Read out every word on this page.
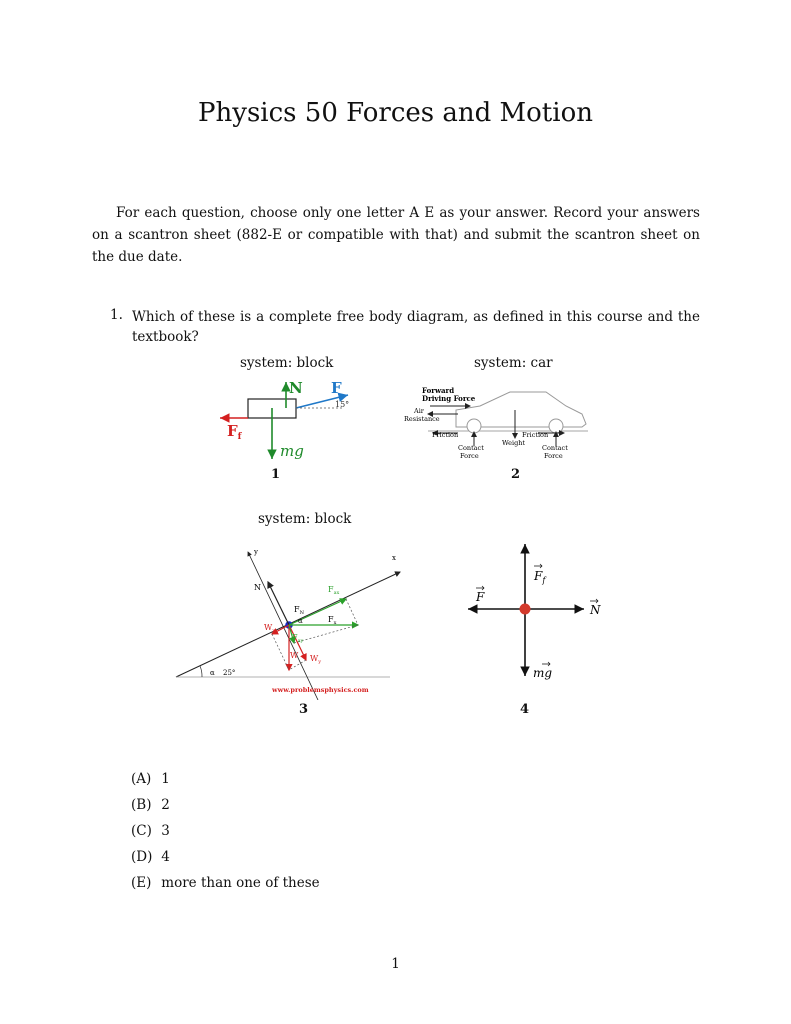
Physics 50 Forces and Motion
For each question, choose only one letter A E as your answer. Record your answers on a scantron sheet (882-E or compatible with that) and submit the scantron sheet on the due date.
1. Which of these is a complete free body diagram, as defined in this course and the textbook?
system: block
N F
15°
$F_f$
mg
1
system: car
Forward
Driving Force
Air
Resistance
Friction	Friction
Weight
Contact
Force
Contact
Force
2
system: block
y
x
N	$F_{ax}$
$F_N$
α	$F_x$
$W_x$
$F_{ay}$
W $W_y$
α 25°
www.problemsphysics.com
3
$F_f$
F
N
mg
4
(A)
1
(B)
2
(C)
3
(D)
4
(E)
more than one of these
1
